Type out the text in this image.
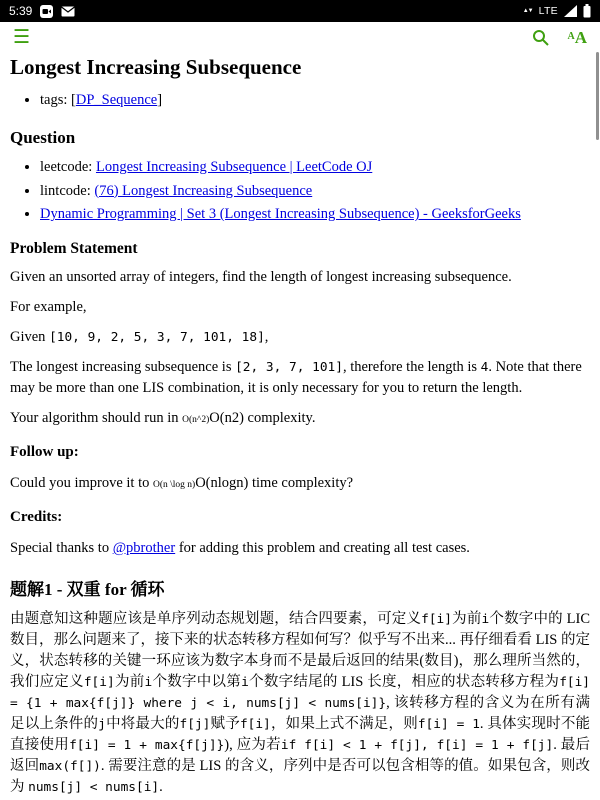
5:39	▲▼ LTE
☰	A A
Longest Increasing Subsequence
• tags: [DP_Sequence]
Question
• leetcode: Longest Increasing Subsequence | LeetCode OJ
• lintcode: (76) Longest Increasing Subsequence
• Dynamic Programming | Set 3 (Longest Increasing Subsequence) - GeeksforGeeks
Problem Statement

Given an unsorted array of integers, find the length of longest increasing subsequence.

For example,

Given [10, 9, 2, 5, 3, 7, 101, 18],

The longest increasing subsequence is [2, 3, 7, 101], therefore the length is 4. Note that there may be more than one LIS combination, it is only necessary for you to return the length.

Your algorithm should run in O(n^2)O(n2) complexity.

Follow up:

Could you improve it to O(n \log n)O(nlogn) time complexity?

Credits:

Special thanks to @pbrother for adding this problem and creating all test cases.

题解1 - 双重 for 循环

由题意知这种题应该是单序列动态规划题，结合四要素，可定义f[i]为前i个数字中的 LIC 数目，那么问题来了，接下来的状态转移方程如何写？似乎写不出来... 再仔细看看 LIS 的定义，状态转移的关键一环应该为数字本身而不是最后返回的结果(数目)，那么理所当然的，我们应定义f[i]为前i个数字中以第i个数字结尾的 LIS 长度，相应的状态转移方程为f[i] = {1 + max{f[j]} where j < i, nums[j] < nums[i]}, 该转移方程的含义为在所有满足以上条件的j中将最大的f[j]赋予f[i]，如果上式不满足，则f[i] = 1. 具体实现时不能直接使用f[i] = 1 + max{f[j]}), 应为若if f[i] < 1 + f[j], f[i] = 1 + f[j]. 最后返回max(f[]). 需要注意的是 LIS 的含义，序列中是否可以包含相等的值。如果包含，则改为 nums[j] < nums[i].
